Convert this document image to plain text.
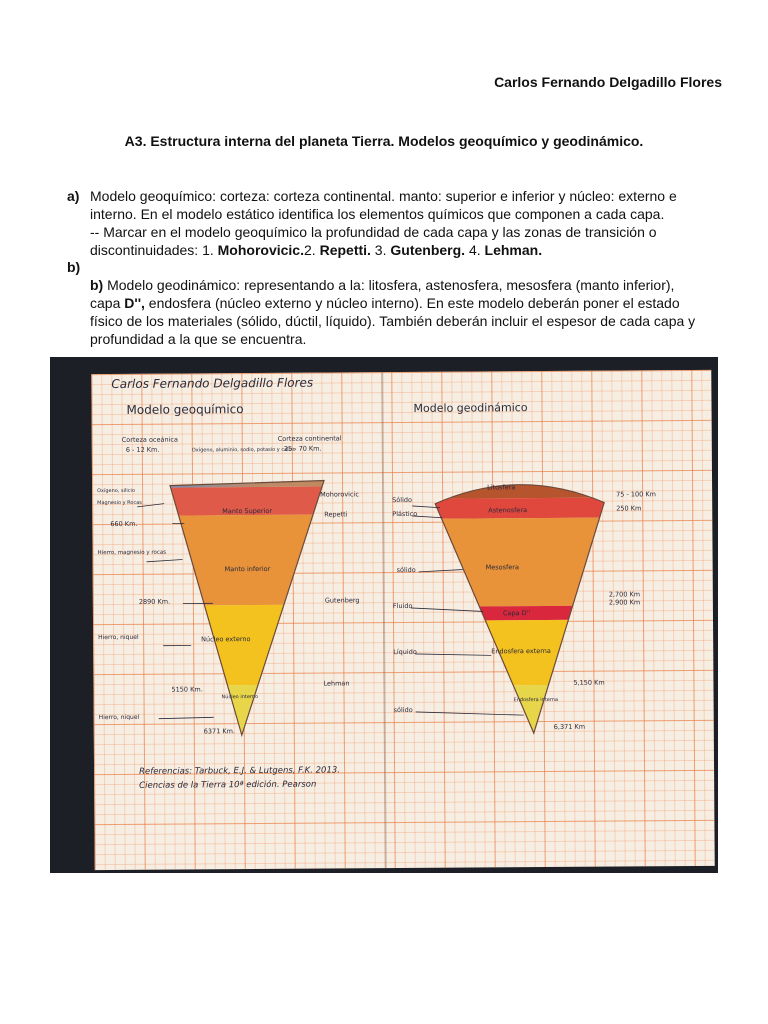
Carlos Fernando Delgadillo Flores
A3. Estructura interna del planeta Tierra. Modelos geoquímico y geodinámico.
a) Modelo geoquímico: corteza: corteza continental. manto: superior e inferior y núcleo: externo e
interno. En el modelo estático identifica los elementos químicos que componen a cada capa.
-- Marcar en el modelo geoquímico la profundidad de cada capa y las zonas de transición o
discontinuidades: 1. Mohorovicic.2. Repetti. 3. Gutenberg. 4. Lehman.
b)
b) Modelo geodinámico: representando a la: litosfera, astenosfera, mesosfera (manto inferior),
capa D'', endosfera (núcleo externo y núcleo interno). En este modelo deberán poner el estado
físico de los materiales (sólido, dúctil, líquido). También deberán incluir el espesor de cada capa y
profundidad a la que se encuentra.
Carlos Fernando Delgadillo Flores
Modelo geoquímico	Modelo geodinámico
Corteza oceánica
6 - 12 Km.
Corteza continental
25 - 70 Km.
Oxígeno, aluminio, sodio, potasio y calcio
Oxígeno, silicio
Magnesio y Rocas
660 Km.
Hierro, magnesio y rocas
2890 Km.
Hierro, niquel
5150 Km.
Hierro, niquel
6371 Km.
Manto Superior
Manto inferior
Núcleo externo
Núcleo interno
Mohorovicic
Repetti
Gutenberg
Lehman
Litosfera
Astenosfera
Mesosfera
Capa D''
Endosfera externa
Endosfera interna
Sólido
Plástico
sólido
Fluido
Líquido
sólido
75 - 100 Km
250 Km
2,700 Km
2,900 Km
5,150 Km
6,371 Km
Referencias: Tarbuck, E.J. & Lutgens, F.K. 2013.
Ciencias de la Tierra 10ª edición. Pearson
